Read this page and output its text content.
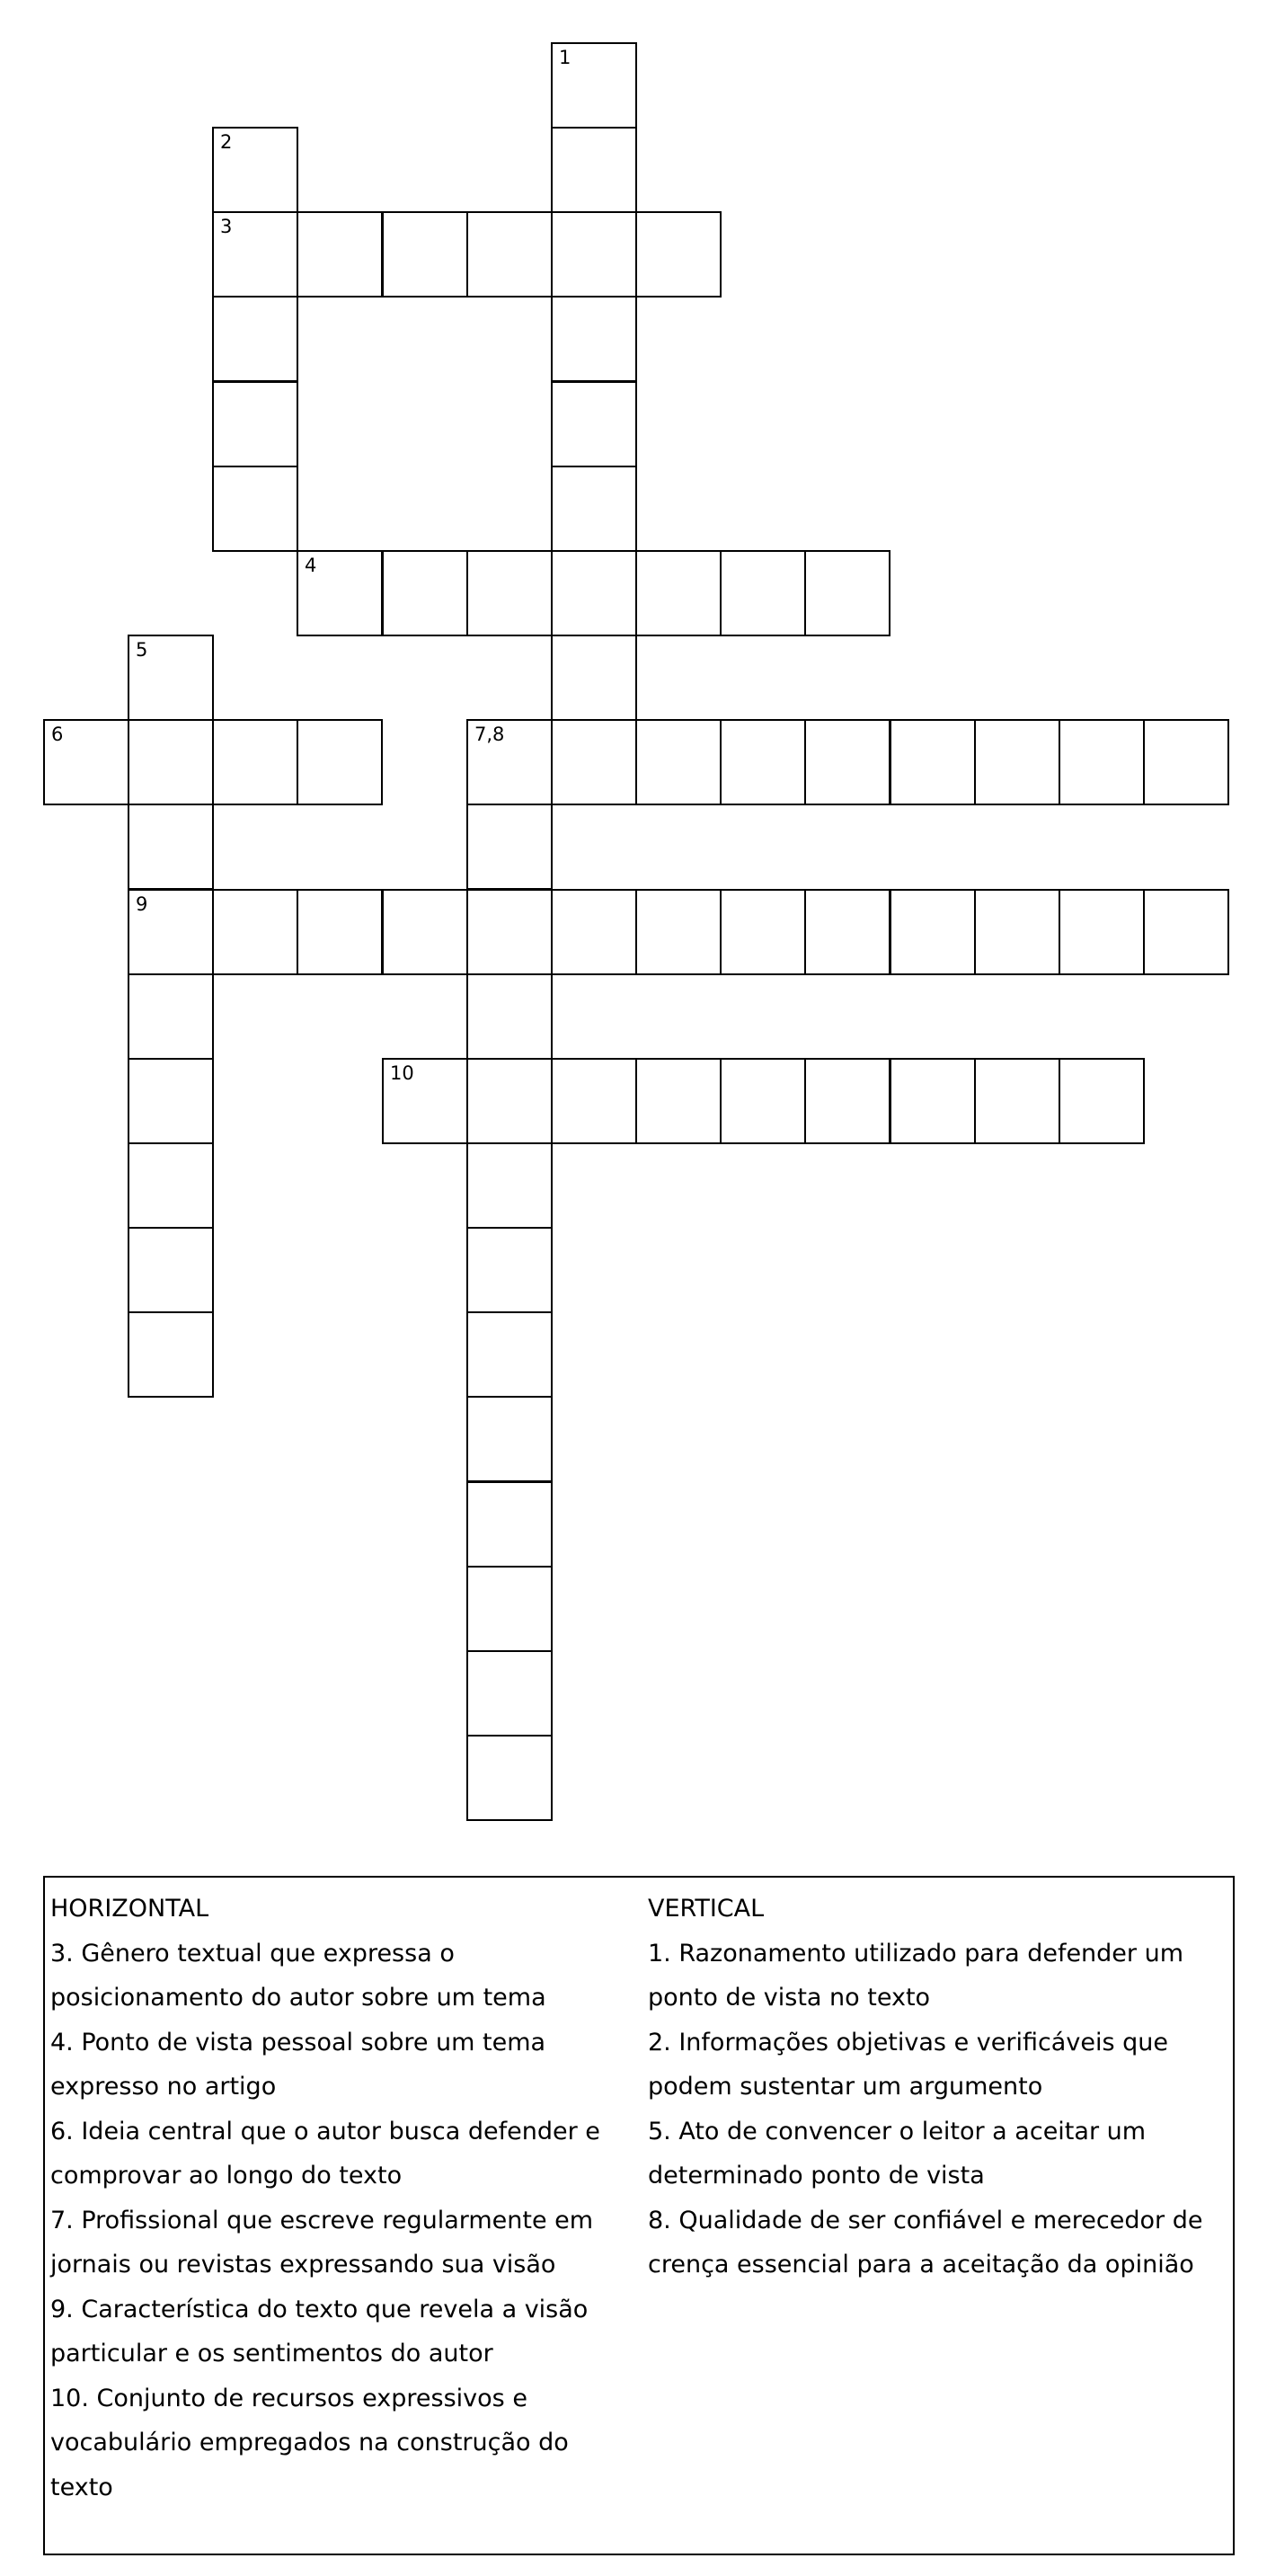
1
2
3
4
5
6	7,8
9
10

HORIZONTAL

3. Gênero textual que expressa o
posicionamento do autor sobre um tema

4. Ponto de vista pessoal sobre um tema
expresso no artigo

6. Ideia central que o autor busca defender e
comprovar ao longo do texto

7. Profissional que escreve regularmente em
jornais ou revistas expressando sua visão

9. Característica do texto que revela a visão
particular e os sentimentos do autor

10. Conjunto de recursos expressivos e
vocabulário empregados na construção do
texto

VERTICAL

1. Razonamento utilizado para defender um
ponto de vista no texto

2. Informações objetivas e verificáveis que
podem sustentar um argumento

5. Ato de convencer o leitor a aceitar um
determinado ponto de vista

8. Qualidade de ser confiável e merecedor de
crença essencial para a aceitação da opinião
